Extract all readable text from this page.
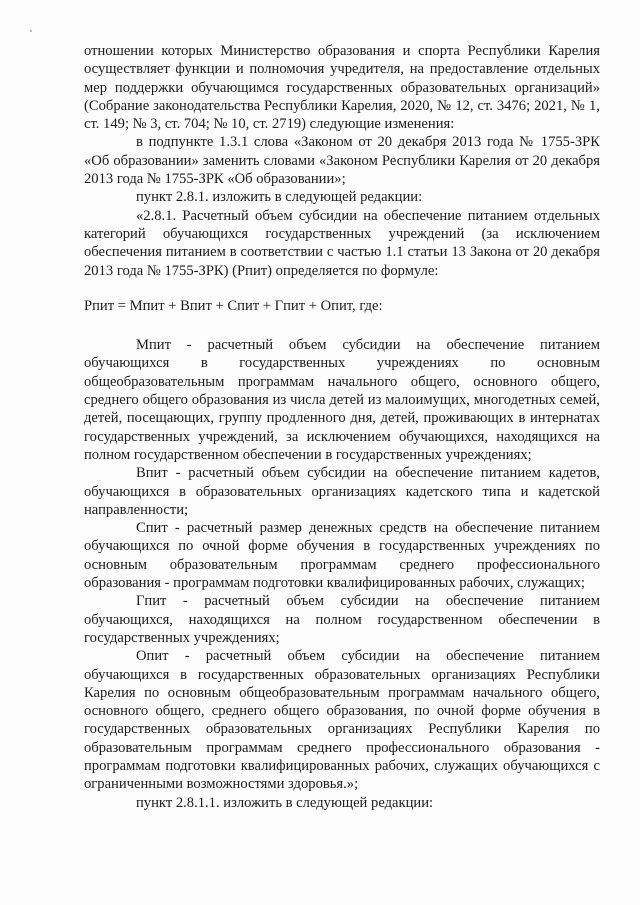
отношении которых Министерство образования и спорта Республики Карелия осуществляет функции и полномочия учредителя, на предоставление отдельных мер поддержки обучающимся государственных образовательных организаций» (Собрание законодательства Республики Карелия, 2020, № 12, ст. 3476; 2021, № 1, ст. 149; № 3, ст. 704; № 10, ст. 2719) следующие изменения:

в подпункте 1.3.1 слова «Законом от 20 декабря 2013 года № 1755-ЗРК «Об образовании» заменить словами «Законом Республики Карелия от 20 декабря 2013 года № 1755-ЗРК «Об образовании»;

пункт 2.8.1. изложить в следующей редакции:

«2.8.1. Расчетный объем субсидии на обеспечение питанием отдельных категорий обучающихся государственных учреждений (за исключением обеспечения питанием в соответствии с частью 1.1 статьи 13 Закона от 20 декабря 2013 года № 1755-ЗРК) (Рпит) определяется по формуле:

Рпит = Мпит + Впит + Спит + Гпит + Опит, где:

Мпит - расчетный объем субсидии на обеспечение питанием обучающихся в государственных учреждениях по основным общеобразовательным программам начального общего, основного общего, среднего общего образования из числа детей из малоимущих, многодетных семей, детей, посещающих, группу продленного дня, детей, проживающих в интернатах государственных учреждений, за исключением обучающихся, находящихся на полном государственном обеспечении в государственных учреждениях;

Впит - расчетный объем субсидии на обеспечение питанием кадетов, обучающихся в образовательных организациях кадетского типа и кадетской направленности;

Спит - расчетный размер денежных средств на обеспечение питанием обучающихся по очной форме обучения в государственных учреждениях по основным образовательным программам среднего профессионального образования - программам подготовки квалифицированных рабочих, служащих;

Гпит - расчетный объем субсидии на обеспечение питанием обучающихся, находящихся на полном государственном обеспечении в государственных учреждениях;

Опит - расчетный объем субсидии на обеспечение питанием обучающихся в государственных образовательных организациях Республики Карелия по основным общеобразовательным программам начального общего, основного общего, среднего общего образования, по очной форме обучения в государственных образовательных организациях Республики Карелия по образовательным программам среднего профессионального образования - программам подготовки квалифицированных рабочих, служащих обучающихся с ограниченными возможностями здоровья.»;

пункт 2.8.1.1. изложить в следующей редакции:
